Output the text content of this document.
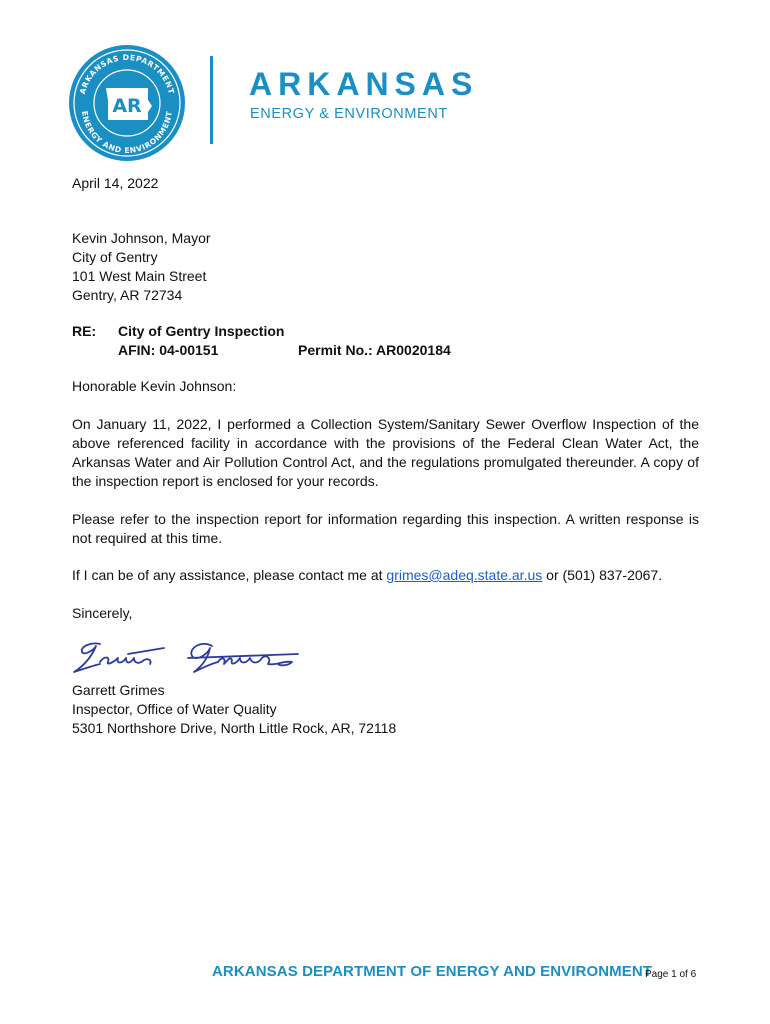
ARKANSAS DEPARTMENT
ENERGY AND ENVIRONMENT
AR
ARKANSAS
ENERGY & ENVIRONMENT
April 14, 2022
Kevin Johnson, Mayor
City of Gentry
101 West Main Street
Gentry, AR 72734
RE: City of Gentry Inspection
AFIN: 04-00151	Permit No.: AR0020184
Honorable Kevin Johnson:
On January 11, 2022, I performed a Collection System/Sanitary Sewer Overflow Inspection of the above referenced facility in accordance with the provisions of the Federal Clean Water Act, the Arkansas Water and Air Pollution Control Act, and the regulations promulgated thereunder. A copy of the inspection report is enclosed for your records.
Please refer to the inspection report for information regarding this inspection. A written response is not required at this time.
If I can be of any assistance, please contact me at grimes@adeq.state.ar.us or (501) 837-2067.
Sincerely,
Garrett Grimes
Inspector, Office of Water Quality
5301 Northshore Drive, North Little Rock, AR, 72118
ARKANSAS DEPARTMENT OF ENERGY AND ENVIRONMENT
Page 1 of 6
